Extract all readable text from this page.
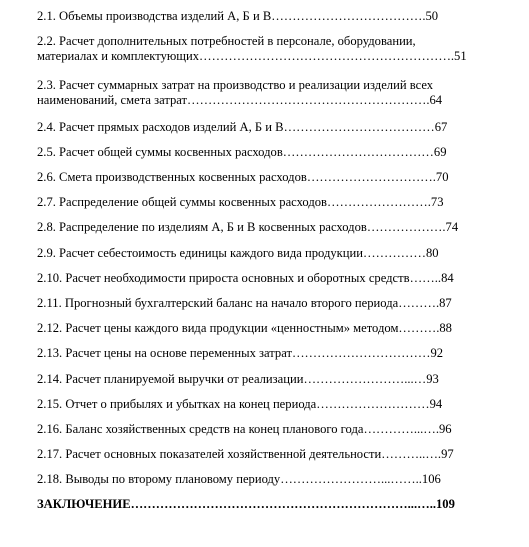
2.1. Объемы производства изделий А, Б и В……………………………….50
2.2. Расчет дополнительных потребностей в персонале, оборудовании,
материалах и комплектующих…………………………………………………….51
2.3. Расчет суммарных затрат на производство и реализации изделий всех
наименований, смета затрат………………………………………………….64
2.4. Расчет прямых расходов изделий А, Б и В………………………………67
2.5. Расчет общей суммы косвенных расходов………………………………69
2.6. Смета производственных косвенных расходов………………………….70
2.7. Распределение общей суммы косвенных расходов…………………….73
2.8. Распределение по изделиям А, Б и В косвенных расходов……………….74
2.9. Расчет себестоимость единицы каждого вида продукции……………80
2.10. Расчет необходимости прироста основных и оборотных средств……..84
2.11. Прогнозный бухгалтерский баланс на начало второго периода……….87
2.12. Расчет цены каждого вида продукции «ценностным» методом……….88
2.13. Расчет цены на основе переменных затрат……………………………92
2.14. Расчет планируемой выручки от реализации……………………...…93
2.15. Отчет о прибылях и убытках на конец периода………………………94
2.16. Баланс хозяйственных средств на конец планового года…………...….96
2.17. Расчет основных показателей хозяйственной деятельности………..….97
2.18. Выводы по второму плановому периоду……………………...……..106
ЗАКЛЮЧЕНИЕ…………………………………………………………...…..109
